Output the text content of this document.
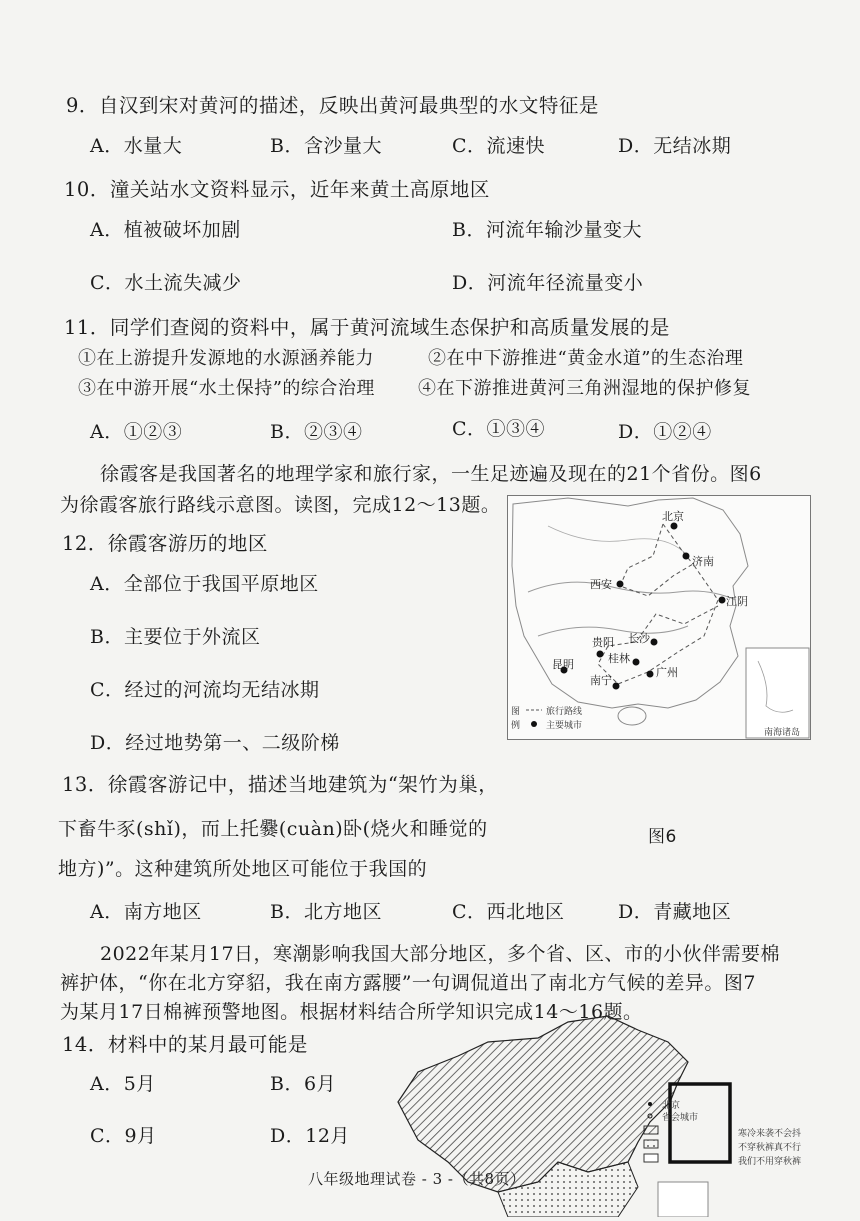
9．自汉到宋对黄河的描述，反映出黄河最典型的水文特征是
A．水量大	B．含沙量大	C．流速快	D．无结冰期
10．潼关站水文资料显示，近年来黄土高原地区
A．植被破坏加剧	B．河流年输沙量变大
C．水土流失减少	D．河流年径流量变小
11．同学们查阅的资料中，属于黄河流域生态保护和高质量发展的是
①在上游提升发源地的水源涵养能力	②在中下游推进“黄金水道”的生态治理
③在中游开展“水土保持”的综合治理 ④在下游推进黄河三角洲湿地的保护修复
A．①②③	B．②③④	C．①③④	D．①②④
徐霞客是我国著名的地理学家和旅行家，一生足迹遍及现在的21个省份。图6
为徐霞客旅行路线示意图。读图，完成12～13题。
12．徐霞客游历的地区
A．全部位于我国平原地区
B．主要位于外流区
C．经过的河流均无结冰期
D．经过地势第一、二级阶梯
北京
济南
西安
江阴
贵阳 长沙
桂林
昆明
南宁
广州
图
例
旅行路线
主要城市
南海诸岛
13．徐霞客游记中，描述当地建筑为“架竹为巢，
下畜牛豕(shǐ)，而上托爨(cuàn)卧(烧火和睡觉的	图6
地方)”。这种建筑所处地区可能位于我国的
A．南方地区	B．北方地区	C．西北地区	D．青藏地区
2022年某月17日，寒潮影响我国大部分地区，多个省、区、市的小伙伴需要棉
裤护体，“你在北方穿貂，我在南方露腰”一句调侃道出了南北方气候的差异。图7
为某月17日棉裤预警地图。根据材料结合所学知识完成14～16题。
14．材料中的某月最可能是
A．5月	B．6月
C．9月	D．12月
北京
省会城市
寒冷来袭不会抖
不穿秋裤真不行
我们不用穿秋裤
八年级地理试卷 - 3 -（共8页）
